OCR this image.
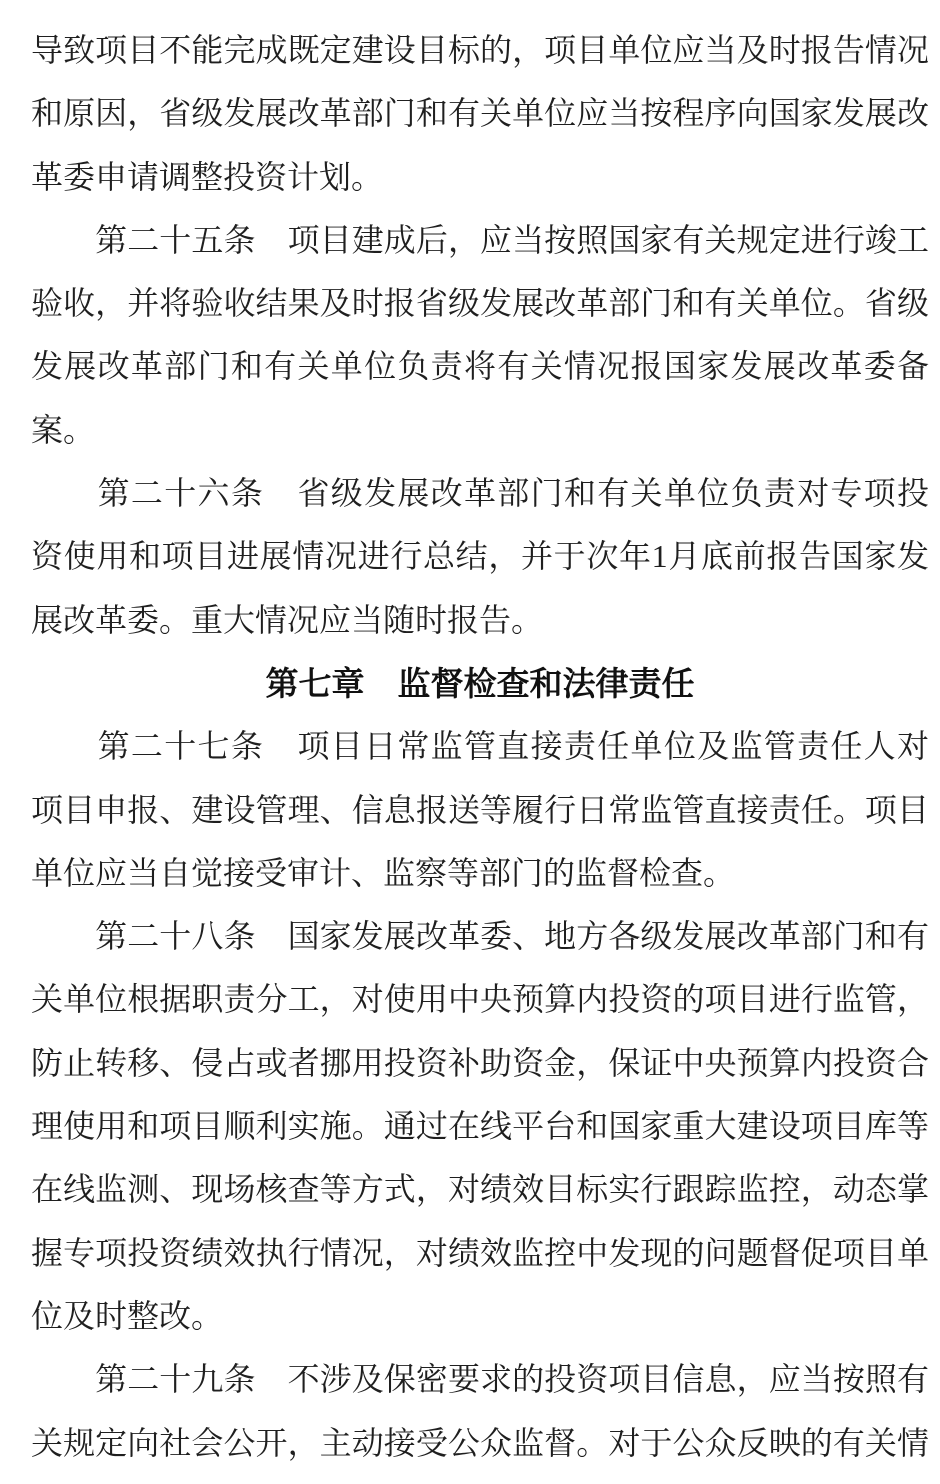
导致项目不能完成既定建设目标的，项目单位应当及时报告情况
和原因，省级发展改革部门和有关单位应当按程序向国家发展改
革委申请调整投资计划。
　　第二十五条　项目建成后，应当按照国家有关规定进行竣工
验收，并将验收结果及时报省级发展改革部门和有关单位。省级
发展改革部门和有关单位负责将有关情况报国家发展改革委备
案。
　　第二十六条　省级发展改革部门和有关单位负责对专项投
资使用和项目进展情况进行总结，并于次年1月底前报告国家发
展改革委。重大情况应当随时报告。
第七章　监督检查和法律责任
　　第二十七条　项目日常监管直接责任单位及监管责任人对
项目申报、建设管理、信息报送等履行日常监管直接责任。项目
单位应当自觉接受审计、监察等部门的监督检查。
　　第二十八条　国家发展改革委、地方各级发展改革部门和有
关单位根据职责分工，对使用中央预算内投资的项目进行监管，
防止转移、侵占或者挪用投资补助资金，保证中央预算内投资合
理使用和项目顺利实施。通过在线平台和国家重大建设项目库等
在线监测、现场核查等方式，对绩效目标实行跟踪监控，动态掌
握专项投资绩效执行情况，对绩效监控中发现的问题督促项目单
位及时整改。
　　第二十九条　不涉及保密要求的投资项目信息，应当按照有
关规定向社会公开，主动接受公众监督。对于公众反映的有关情
